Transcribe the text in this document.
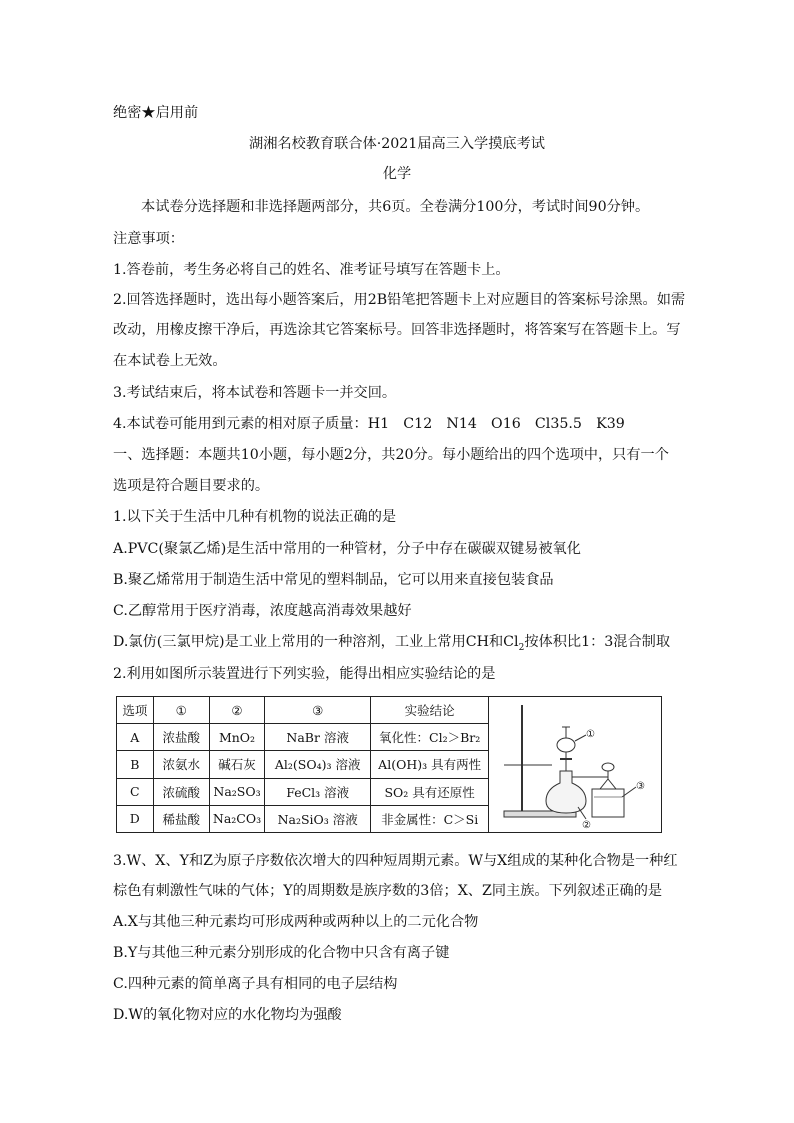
绝密★启用前
湖湘名校教育联合体·2021届高三入学摸底考试
化学
本试卷分选择题和非选择题两部分，共6页。全卷满分100分，考试时间90分钟。
注意事项：
1.答卷前，考生务必将自己的姓名、准考证号填写在答题卡上。
2.回答选择题时，选出每小题答案后，用2B铅笔把答题卡上对应题目的答案标号涂黑。如需
改动，用橡皮擦干净后，再选涂其它答案标号。回答非选择题时，将答案写在答题卡上。写
在本试卷上无效。
3.考试结束后，将本试卷和答题卡一并交回。
4.本试卷可能用到元素的相对原子质量：H1　C12　N14　O16　Cl35.5　K39
一、选择题：本题共10小题，每小题2分，共20分。每小题给出的四个选项中，只有一个
选项是符合题目要求的。
1.以下关于生活中几种有机物的说法正确的是
A.PVC(聚氯乙烯)是生活中常用的一种管材，分子中存在碳碳双键易被氧化
B.聚乙烯常用于制造生活中常见的塑料制品，它可以用来直接包装食品
C.乙醇常用于医疗消毒，浓度越高消毒效果越好
D.氯仿(三氯甲烷)是工业上常用的一种溶剂，工业上常用CH和$Cl_2$按体积比1：3混合制取
2.利用如图所示装置进行下列实验，能得出相应实验结论的是
选项	①	②	③	实验结论	①
②
③

A	浓盐酸	MnO₂	NaBr 溶液	氧化性：Cl₂＞Br₂	
B	浓氨水	碱石灰	Al₂(SO₄)₃ 溶液	Al(OH)₃ 具有两性	
C	浓硫酸	Na₂SO₃	FeCl₃ 溶液	SO₂ 具有还原性	
D	稀盐酸	Na₂CO₃	Na₂SiO₃ 溶液	非金属性：C＞Si	
3.W、X、Y和Z为原子序数依次增大的四种短周期元素。W与X组成的某种化合物是一种红
棕色有刺激性气味的气体；Y的周期数是族序数的3倍；X、Z同主族。下列叙述正确的是
A.X与其他三种元素均可形成两种或两种以上的二元化合物
B.Y与其他三种元素分别形成的化合物中只含有离子键
C.四种元素的简单离子具有相同的电子层结构
D.W的氧化物对应的水化物均为强酸
